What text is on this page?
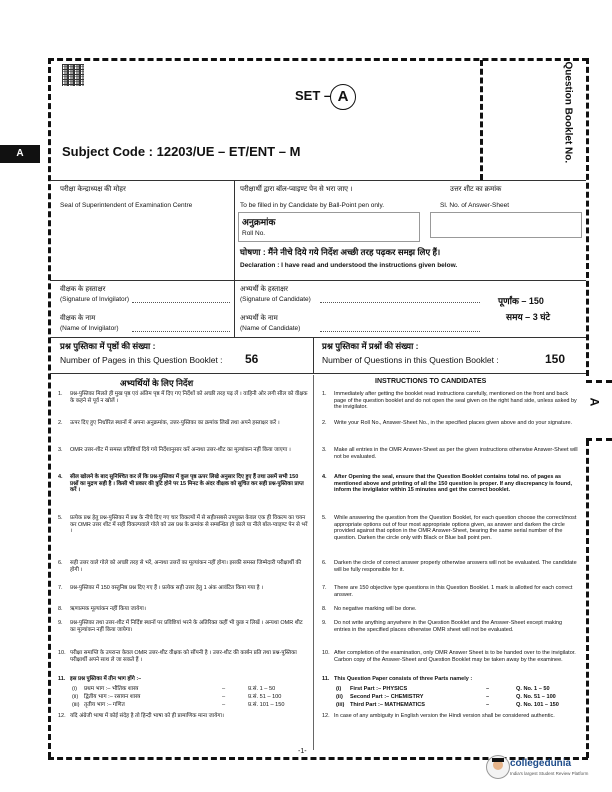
SET – A	Question Booklet No.
A	Subject Code : 12203/UE – ET/ENT – M
परीक्षा केन्द्राध्यक्ष की मोहर
Seal of Superintendent of Examination Centre
परीक्षार्थी द्वारा बॉल-प्वाइण्ट पेन से भरा जाए ।
To be filled in by Candidate by Ball-Point pen only.
उत्तर शीट का क्रमांक
Sl. No. of Answer-Sheet
अनुक्रमांक
Roll No.
घोषणा : मैंने नीचे दिये गये निर्देश अच्छी तरह पढ़कर समझ लिए हैं।
Declaration : I have read and understood the instructions given below.
वीक्षक के हस्ताक्षर
(Signature of Invigilator)
वीक्षक के नाम
(Name of Invigilator)
अभ्यर्थी के हस्ताक्षर
(Signature of Candidate)
अभ्यर्थी के नाम
(Name of Candidate)
पूर्णांक – 150
समय – 3 घंटे
प्रश्न पुस्तिका में पृष्ठों की संख्या :
Number of Pages in this Question Booklet : 56
प्रश्न पुस्तिका में प्रश्नों की संख्या :
Number of Questions in this Question Booklet :	150
अभ्यर्थियों के लिए निर्देश	INSTRUCTIONS TO CANDIDATES
A
1. प्रश्न-पुस्तिका मिलते ही मुख पृष्ठ एवं अंतिम पृष्ठ में दिए गए निर्देशों को अच्छी तरह पढ़ लें । वाहिनी ओर लगी सील को वीक्षक के कहने से पूर्व न खोलें ।
2. ऊपर दिए हुए निर्धारित स्थानों में अपना अनुक्रमांक, उत्तर-पुस्तिका का क्रमांक लिखें तथा अपने हस्ताक्षर करें ।
3. OMR उत्तर-शीट में समस्त प्रविष्टियाँ दिये गये निर्देशानुसार करें अन्यथा उत्तर-शीट का मूल्यांकन नहीं किया जाएगा ।
4. सील खोलने के बाद सुनिश्चित कर लें कि प्रश्न-पुस्तिका में कुल पृष्ठ ऊपर लिखे अनुसार दिए हुए हैं तथा उसमें सभी 150 प्रश्नों का मुद्रण सही है । किसी भी प्रकार की त्रुटि होने पर 15 मिनट के अंदर वीक्षक को सूचित कर सही प्रश्न-पुस्तिका प्राप्त करें ।
5. प्रत्येक प्रश्न हेतु प्रश्न-पुस्तिका में प्रश्न के नीचे दिए गए चार विकल्पों में से सही/सबसे उपयुक्त केवल एक ही विकल्प का चयन कर OMR उत्तर शीट में सही विकल्पवाले गोले को उस प्रश्न के क्रमांक से सम्बन्धित हो काले या नीले बॉल-प्वाइण्ट पेन से भरें ।
6. सही उत्तर वाले गोले को अच्छी तरह से भरें, अन्यथा उत्तरों का मूल्यांकन नहीं होगा। इसकी समस्त जिम्मेदारी परीक्षार्थी की होगी ।
7. प्रश्न-पुस्तिका में 150 वस्तुनिष्ठ प्रश्न दिए गए हैं । प्रत्येक सही उत्तर हेतु 1 अंक आवंटित किया गया है ।
8. ऋणात्मक मूल्यांकन नहीं किया जायेगा।
9. प्रश्न-पुस्तिका तथा उत्तर-शीट में निर्दिष्ट स्थानों पर प्रविष्टियां भरने के अतिरिक्त कहीं भी कुछ न लिखें । अन्यथा OMR शीट का मूल्यांकन नहीं किया जायेगा।
10. परीक्षा समाप्ति के उपरान्त केवल OMR उत्तर-शीट वीक्षक को सौंपनी है । उत्तर-शीट की कार्बन प्रति तथा प्रश्न-पुस्तिका परीक्षार्थी अपने साथ ले जा सकते हैं ।
11. इस प्रश्न पुस्तिका में तीन भाग होंगे :–
(i) प्रथम भाग :– भौतिक शास्त्र	–	प्र.सं. 1 – 50
(ii) द्वितीय भाग :– रसायन शास्त्र	–	प्र.सं. 51 – 100
(iii) तृतीय भाग :– गणित	–	प्र.सं. 101 – 150
12. यदि अंग्रेजी भाषा में कोई संदेह है तो हिन्दी भाषा को ही प्रामाणिक माना जायेगा।
1. Immediately after getting the booklet read instructions carefully, mentioned on the front and back page of the question booklet and do not open the seal given on the right hand side, unless asked by the invigilator.
2. Write your Roll No., Answer-Sheet No., in the specified places given above and do your signature.
3. Make all entries in the OMR Answer-Sheet as per the given instructions otherwise Answer-Sheet will not be evaluated.
4. After Opening the seal, ensure that the Question Booklet contains total no. of pages as mentioned above and printing of all the 150 question is proper. If any discrepancy is found, inform the invigilator within 15 minutes and get the correct booklet.
5. While answering the question from the Question Booklet, for each question choose the correct/most appropriate options out of four most appropriate options given, as answer and darken the circle provided against that option in the OMR Answer-Sheet, bearing the same serial number of the question. Darken the circle only with Black or Blue ball point pen.
6. Darken the circle of correct answer properly otherwise answers will not be evaluated. The candidate will be fully responsible for it.
7. There are 150 objective type questions in this Question Booklet. 1 mark is allotted for each correct answer.
8. No negative marking will be done.
9. Do not write anything anywhere in the Question Booklet and the Answer-Sheet except making entries in the specified places otherwise OMR sheet will not be evaluated.
10. After completion of the examination, only OMR Answer Sheet is to be handed over to the invigilator. Carbon copy of the Answer-Sheet and Question Booklet may be taken away by the examinee.
11. This Question Paper consists of three Parts namely :
(i) First Part :– PHYSICS	–	Q. No. 1 – 50
(ii) Second Part :– CHEMISTRY	–	Q. No. 51 – 100
(iii) Third Part :– MATHEMATICS	–	Q. No. 101 – 150
12. In case of any ambiguity in English version the Hindi version shall be considered authentic.
-1-
collegedunia
India's largest Student Review Platform
